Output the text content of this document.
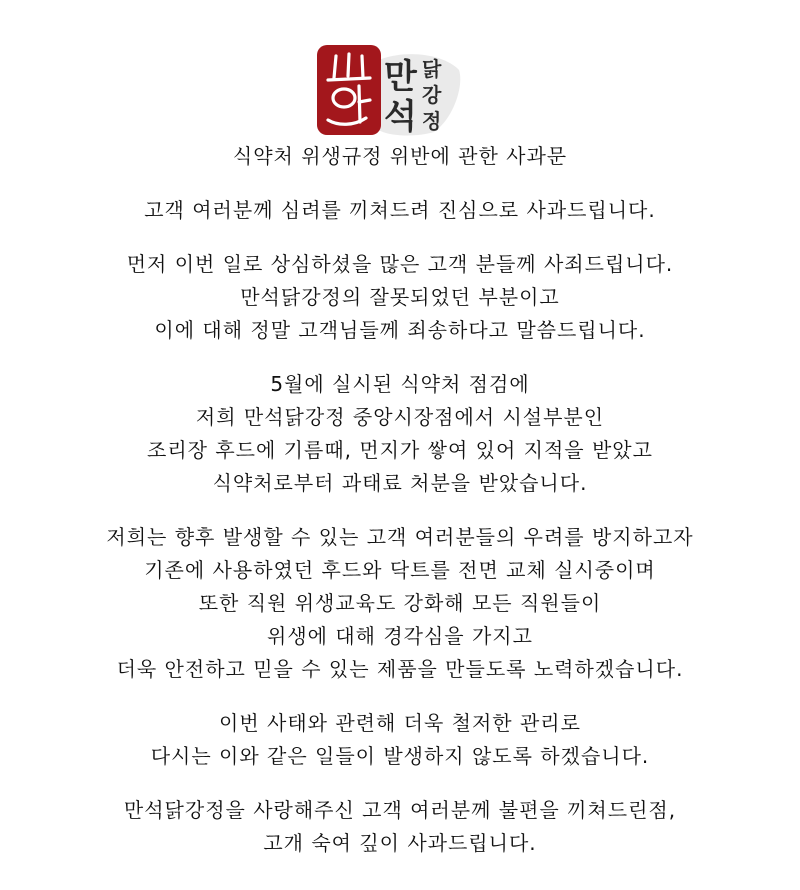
만
석
닭
강
정
식약처 위생규정 위반에 관한 사과문
고객 여러분께 심려를 끼쳐드려 진심으로 사과드립니다.
먼저 이번 일로 상심하셨을 많은 고객 분들께 사죄드립니다.
만석닭강정의 잘못되었던 부분이고
이에 대해 정말 고객님들께 죄송하다고 말씀드립니다.
5월에 실시된 식약처 점검에
저희 만석닭강정 중앙시장점에서 시설부분인
조리장 후드에 기름때, 먼지가 쌓여 있어 지적을 받았고
식약처로부터 과태료 처분을 받았습니다.
저희는 향후 발생할 수 있는 고객 여러분들의 우려를 방지하고자
기존에 사용하였던 후드와 닥트를 전면 교체 실시중이며
또한 직원 위생교육도 강화해 모든 직원들이
위생에 대해 경각심을 가지고
더욱 안전하고 믿을 수 있는 제품을 만들도록 노력하겠습니다.
이번 사태와 관련해 더욱 철저한 관리로
다시는 이와 같은 일들이 발생하지 않도록 하겠습니다.
만석닭강정을 사랑해주신 고객 여러분께 불편을 끼쳐드린점,
고개 숙여 깊이 사과드립니다.
